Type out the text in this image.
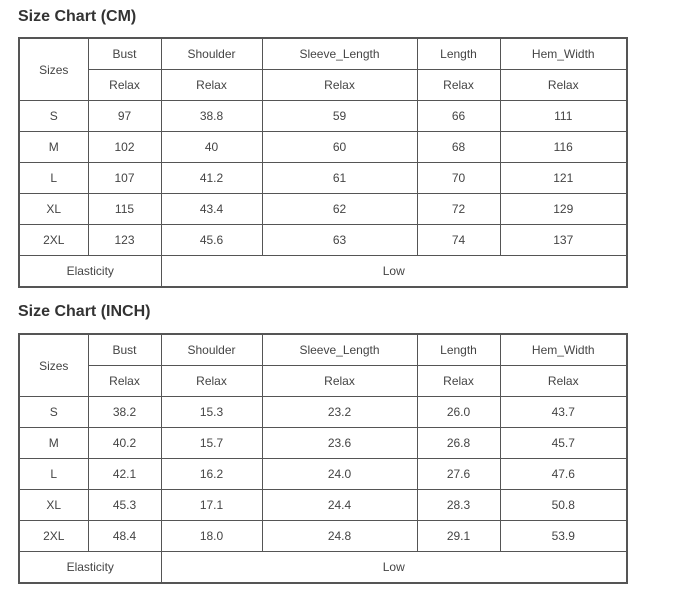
Size Chart (CM)
Sizes	Bust	Shoulder	Sleeve_Length	Length	Hem_Width
	Relax	Relax	Relax	Relax	Relax
S	97	38.8	59	66	111
M	102	40	60	68	116
L	107	41.2	61	70	121
XL	115	43.4	62	72	129
2XL	123	45.6	63	74	137
Elasticity		Low			
Size Chart (INCH)
Sizes	Bust	Shoulder	Sleeve_Length	Length	Hem_Width
	Relax	Relax	Relax	Relax	Relax
S	38.2	15.3	23.2	26.0	43.7
M	40.2	15.7	23.6	26.8	45.7
L	42.1	16.2	24.0	27.6	47.6
XL	45.3	17.1	24.4	28.3	50.8
2XL	48.4	18.0	24.8	29.1	53.9
Elasticity		Low			
